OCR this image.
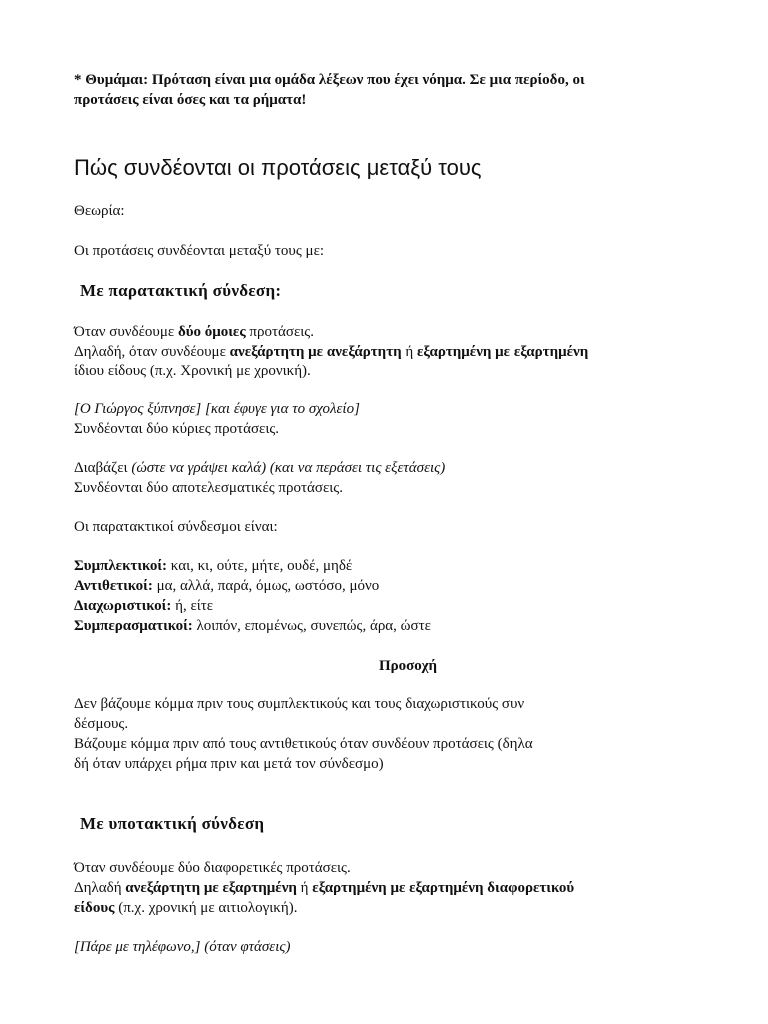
* Θυμάμαι: Πρόταση είναι μια ομάδα λέξεων που έχει νόημα. Σε μια περίοδο, οι
προτάσεις είναι όσες και τα ρήματα!
Πώς συνδέονται οι προτάσεις μεταξύ τους
Θεωρία:
Οι προτάσεις συνδέονται μεταξύ τους με:
Με παρατακτική σύνδεση:
Όταν συνδέουμε δύο όμοιες προτάσεις.
Δηλαδή, όταν συνδέουμε ανεξάρτητη με ανεξάρτητη ή εξαρτημένη με εξαρτημένη
ίδιου είδους (π.χ. Χρονική με χρονική).
[Ο Γιώργος ξύπνησε] [και έφυγε για το σχολείο]
Συνδέονται δύο κύριες προτάσεις.
Διαβάζει (ώστε να γράψει καλά) (και να περάσει τις εξετάσεις)
Συνδέονται δύο αποτελεσματικές προτάσεις.
Οι παρατακτικοί σύνδεσμοι είναι:
Συμπλεκτικοί: και, κι, ούτε, μήτε, ουδέ, μηδέ
Αντιθετικοί: μα, αλλά, παρά, όμως, ωστόσο, μόνο
Διαχωριστικοί: ή, είτε
Συμπερασματικοί: λοιπόν, επομένως, συνεπώς, άρα, ώστε
Προσοχή
Δεν βάζουμε κόμμα πριν τους συμπλεκτικούς και τους διαχωριστικούς συν
δέσμους.
Βάζουμε κόμμα πριν από τους αντιθετικούς όταν συνδέουν προτάσεις (δηλα
δή όταν υπάρχει ρήμα πριν και μετά τον σύνδεσμο)
Με υποτακτική σύνδεση
Όταν συνδέουμε δύο διαφορετικές προτάσεις.
Δηλαδή ανεξάρτητη με εξαρτημένη ή εξαρτημένη με εξαρτημένη διαφορετικού
είδους (π.χ. χρονική με αιτιολογική).
[Πάρε με τηλέφωνο,] (όταν φτάσεις)
